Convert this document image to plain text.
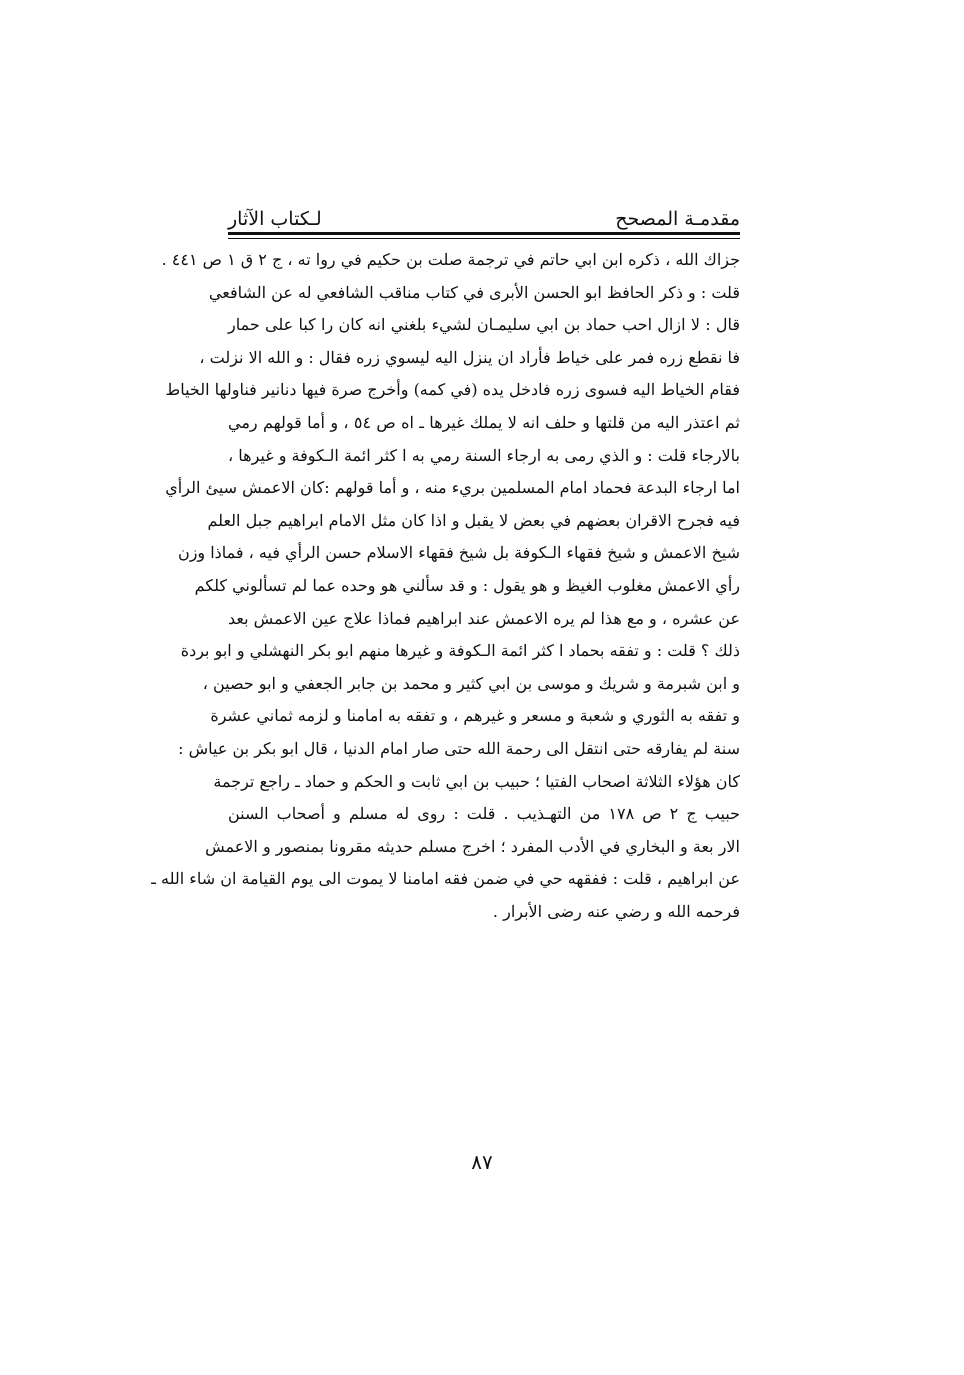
مقدمـة المصحح
لـكتاب الآثار
جزاك الله ، ذكره ابن ابي حاتم في ترجمة صلت بن حكيم في روا ته ، ج ٢ ق ١ ص ٤٤١ .
قلت : و ذكر الحافظ ابو الحسن الأبرى في كتاب مناقب الشافعي له عن الشافعي
قال : لا ازال احب حماد بن ابي سليمـان لشيء بلغني انه كان را كبا على حمار
فا نقطع زره فمر على خياط فأراد ان ينزل اليه ليسوي زره فقال : و الله الا نزلت ،
فقام الخياط اليه فسوى زره فادخل يده (في كمه) وأخرج صرة فيها دنانير فناولها الخياط
ثم اعتذر اليه من قلتها و حلف انه لا يملك غيرها ـ اه ص ٥٤ ، و أما قولهم رمي
بالارجاء قلت : و الذي رمى به ارجاء السنة رمي به ا كثر ائمة الـكوفة و غيرها ،
اما ارجاء البدعة فحماد امام المسلمين بريء منه ، و أما قولهم :كان الاعمش سيئ الرأي
فيه فجرح الاقران بعضهم في بعض لا يقبل و اذا كان مثل الامام ابراهيم جبل العلم
شيخ الاعمش و شيخ فقهاء الـكوفة بل شيخ فقهاء الاسلام حسن الرأي فيه ، فماذا وزن
رأي الاعمش مغلوب الغيظ و هو يقول : و قد سألني هو وحده عما لم تسألوني كلكم
عن عشره ، و مع هذا لم يره الاعمش عند ابراهيم فماذا علاج عين الاعمش بعد
ذلك ؟ قلت : و تفقه بحماد ا كثر ائمة الـكوفة و غيرها منهم ابو بكر النهشلي و ابو بردة
و ابن شبرمة و شريك و موسى بن ابي كثير و محمد بن جابر الجعفي و ابو حصين ،
و تفقه به الثوري و شعبة و مسعر و غيرهم ، و تفقه به امامنا و لزمه ثماني عشرة
سنة لم يفارقه حتى انتقل الى رحمة الله حتى صار امام الدنيا ، قال ابو بكر بن عياش :
كان هؤلاء الثلاثة اصحاب الفتيا ؛ حبيب بن ابي ثابت و الحكم و حماد ـ راجع ترجمة
حبيب ج ٢ ص ١٧٨ من التهـذيب . قلت : روى له مسلم و أصحاب السنن
الار بعة و البخاري في الأدب المفرد ؛ اخرج مسلم حديثه مقرونا بمنصور و الاعمش
عن ابراهيم ، قلت : ففقهه حي في ضمن فقه امامنا لا يموت الى يوم القيامة ان شاء الله ـ
فرحمه الله و رضي عنه رضى الأبرار .
٨٧
